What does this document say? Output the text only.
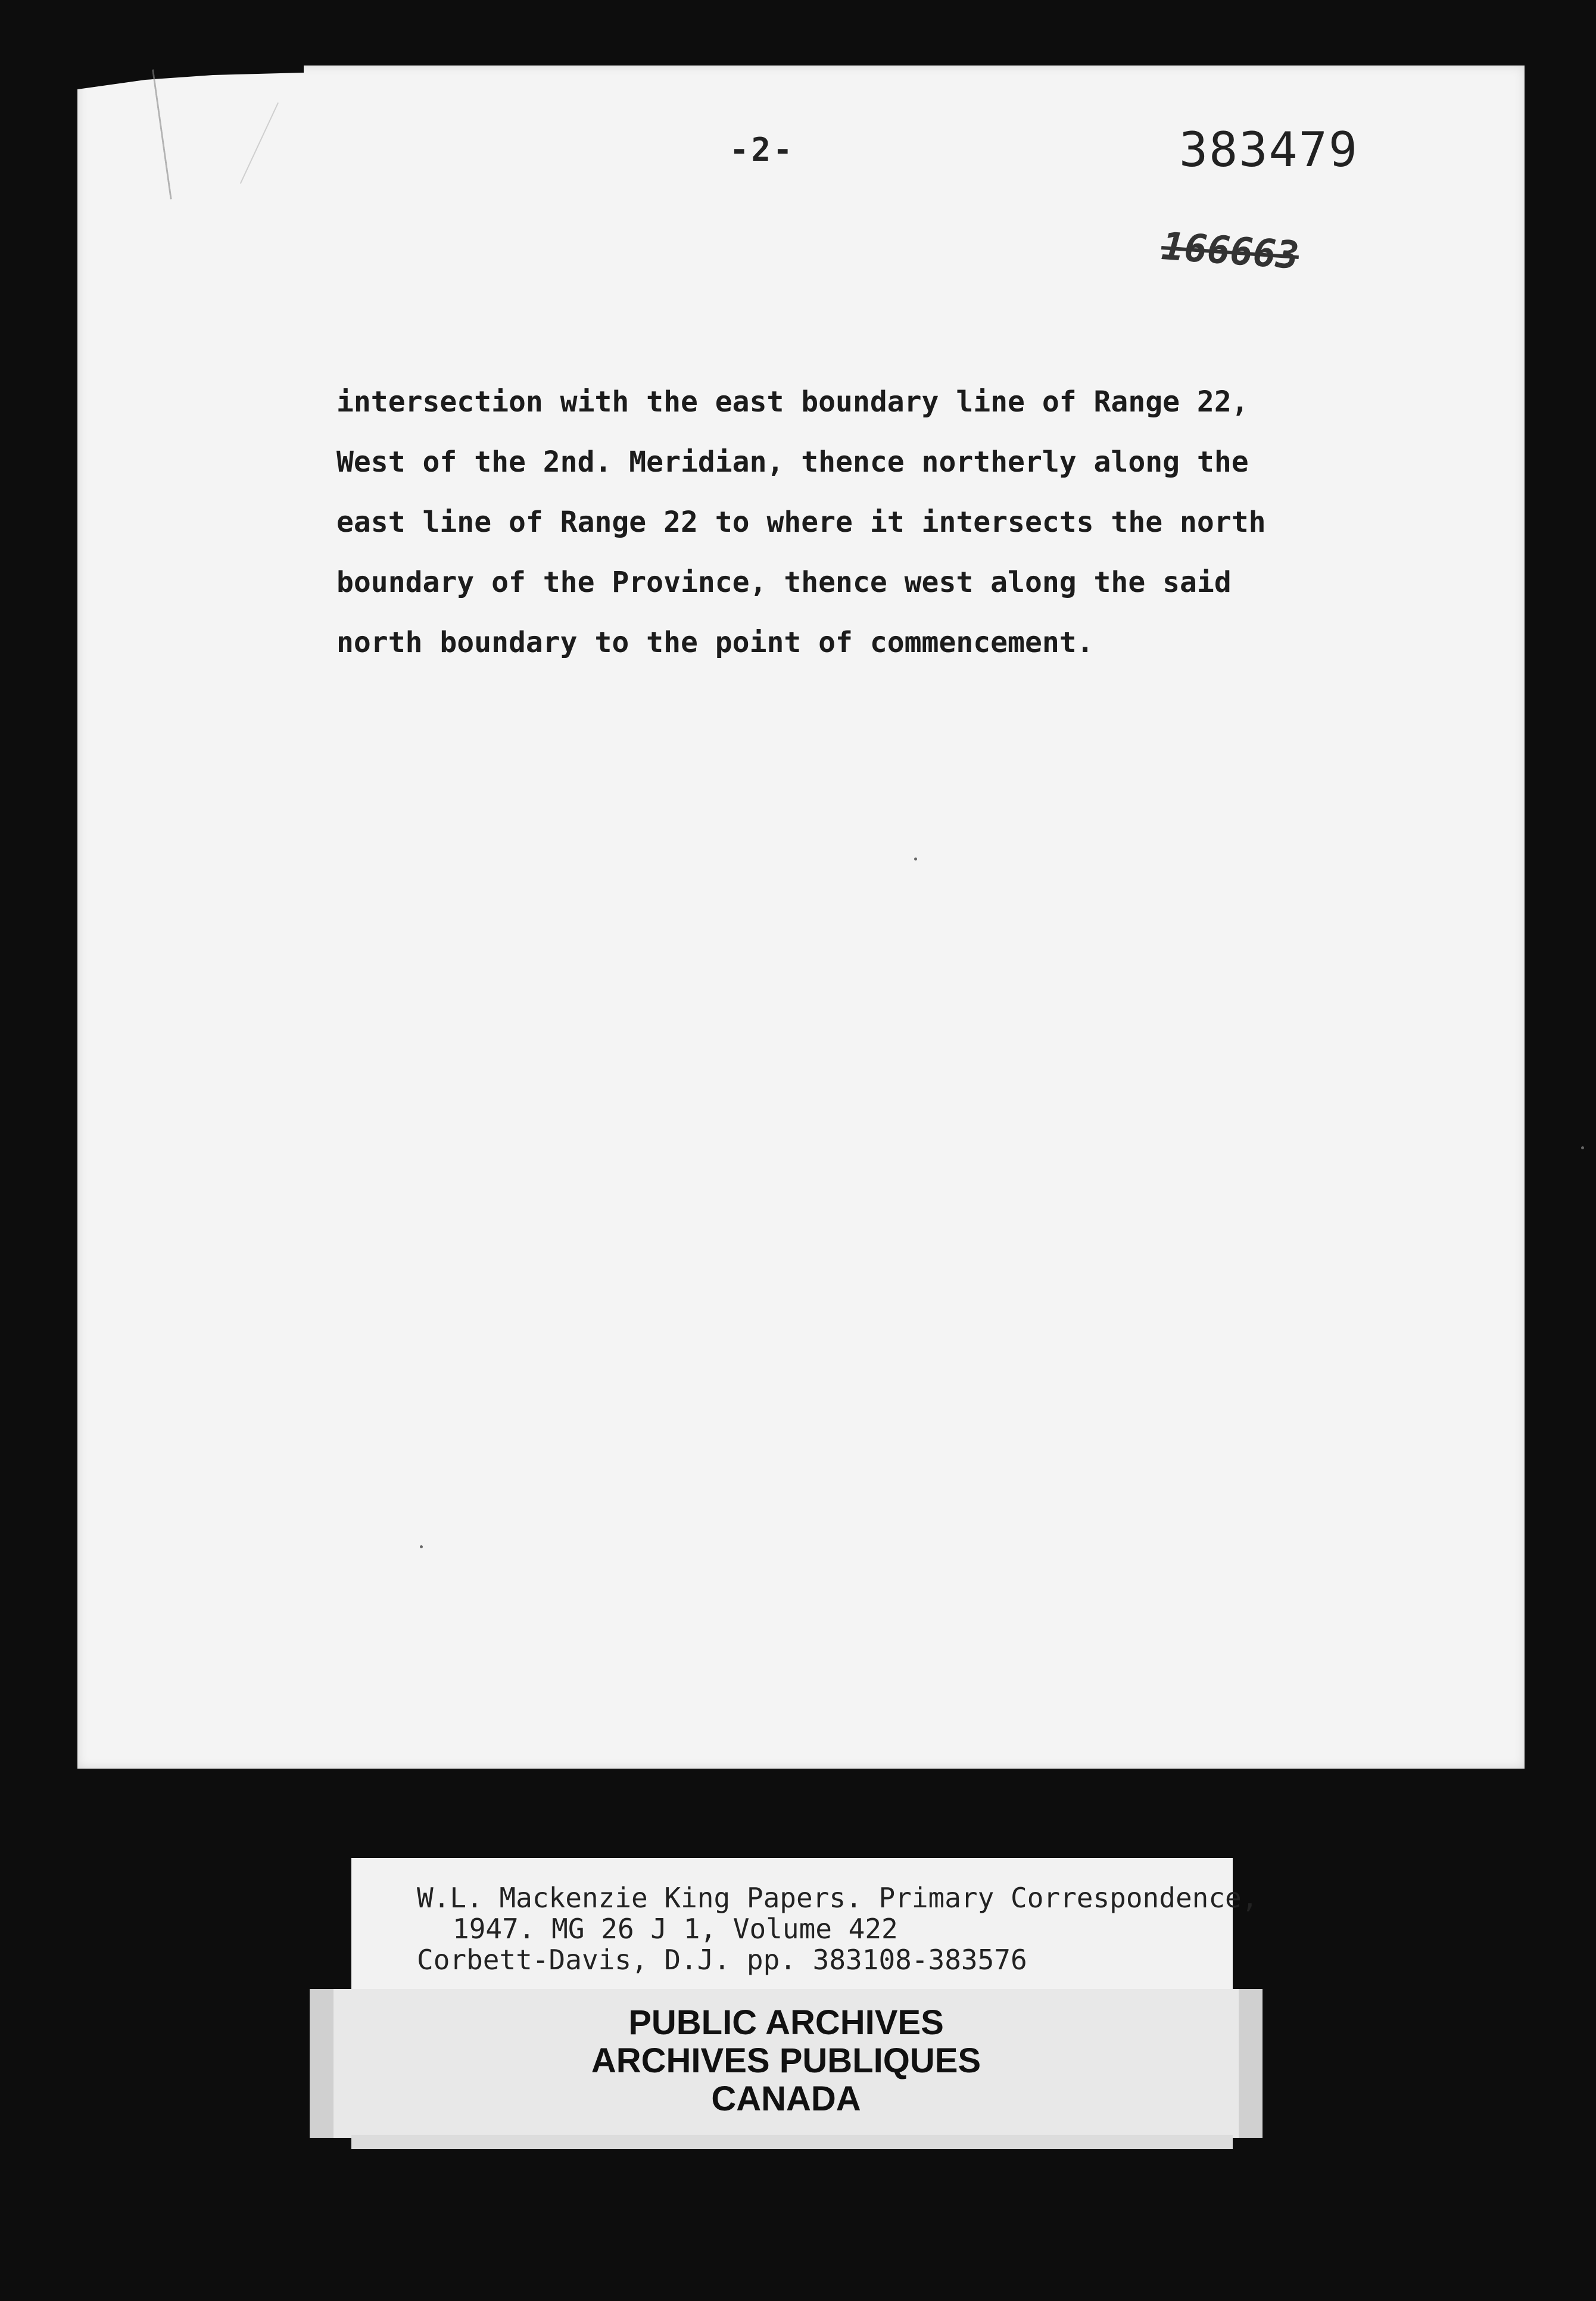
-2-	383479
166663
intersection with the east boundary line of Range 22,
West of the 2nd. Meridian, thence northerly along the
east line of Range 22 to where it intersects the north
boundary of the Province, thence west along the said
north boundary to the point of commencement.
W.L. Mackenzie King Papers. Primary Correspondence,
1947. MG 26 J 1, Volume 422
Corbett-Davis, D.J. pp. 383108-383576
PUBLIC ARCHIVES
ARCHIVES PUBLIQUES
CANADA
